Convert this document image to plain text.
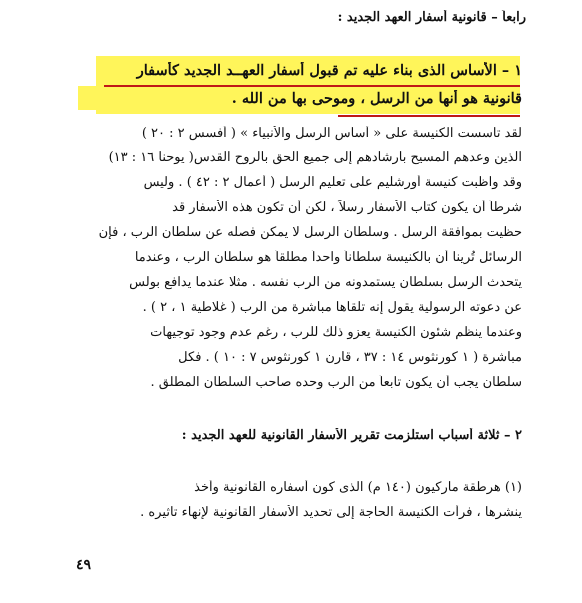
رابعاً – قانونية أسفار العهد الجديد :
١ – الأساس الذى بناء عليه تم قبول أسفار العهــد الجديد كأسفار
قانونية هو أنها من الرسل ، وموحى بها من الله .
لقد تأسست الكنيسة على « أساس الرسل والأنبياء » ( أفسس ٢ : ٢٠ )
الذين وعدهم المسيح بارشادهم إلى جميع الحق بالروح القدس( يوحنا ١٦ : ١٣)
وقد واظبت كنيسة أورشليم على تعليم الرسل ( أعمال ٢ : ٤٢ ) . وليس
شرطاً أن يكون كتاب الأسفار رسلاً ، لكن أن تكون هذه الأسفار قد
حظيت بموافقة الرسل . وسلطان الرسل لا يمكن فصله عن سلطان الرب ، فإن
الرسائل تُرينا أن بالكنيسة سلطاناً واحداً مطلقاً هو سلطان الرب ، وعندما
يتحدث الرسل بسلطان يستمدونه من الرب نفسه . مثلا عندما يدافع بولس
عن دعوته الرسولية يقول إنه تلقاها مباشرة من الرب ( غلاطية ١ ، ٢ ) .
وعندما ينظم شئون الكنيسة يعزو ذلك للرب ، رغم عدم وجود توجيهات
مباشرة ( ١ كورنثوس ١٤ : ٣٧ ، قارن ١ كورنثوس ٧ : ١٠ ) . فكل
سلطان يجب أن يكون تابعاً من الرب وحده صاحب السلطان المطلق .
٢ – ثلاثة أسباب استلزمت تقرير الأسفار القانونية للعهد الجديد :
(١) هرطقة ماركيون (١٤٠ م) الذى كون أسفاره القانونية وأخذ
ينشرها ، فرأت الكنيسة الحاجة إلى تحديد الأسفار القانونية لإنهاء تأثيره .
٤٩
